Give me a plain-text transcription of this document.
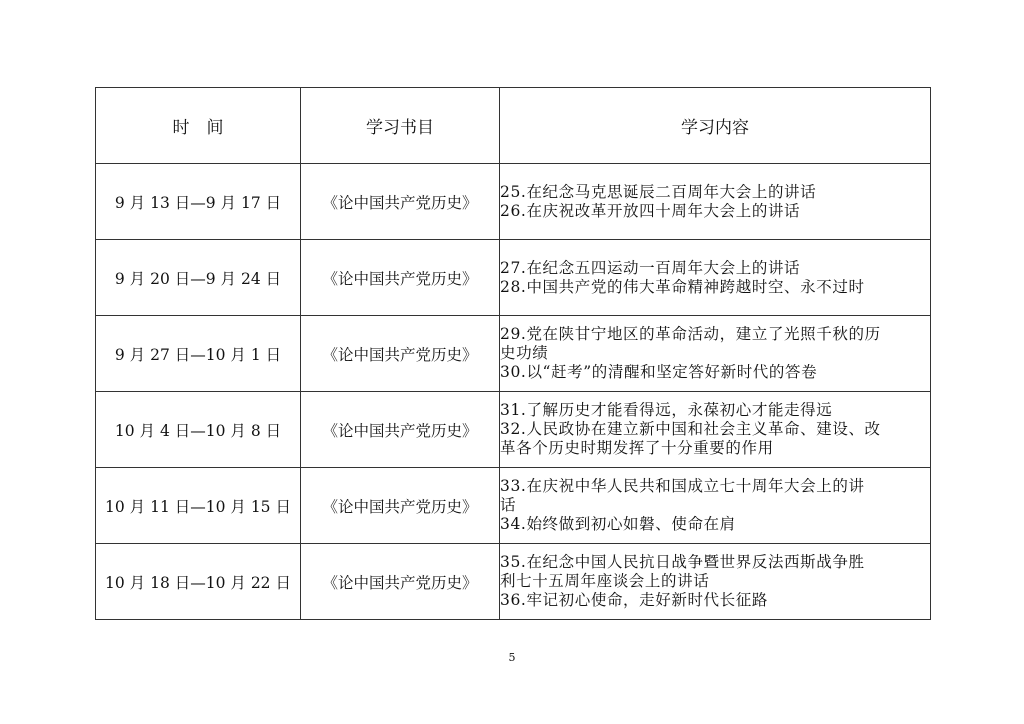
时　间	学习书目	学习内容
9 月 13 日—9 月 17 日	《论中国共产党历史》	25.在纪念马克思诞辰二百周年大会上的讲话
26.在庆祝改革开放四十周年大会上的讲话

9 月 20 日—9 月 24 日	《论中国共产党历史》	27.在纪念五四运动一百周年大会上的讲话
28.中国共产党的伟大革命精神跨越时空、永不过时

9 月 27 日—10 月 1 日	《论中国共产党历史》	29.党在陕甘宁地区的革命活动，建立了光照千秋的历
史功绩
30.以“赶考”的清醒和坚定答好新时代的答卷

10 月 4 日—10 月 8 日	《论中国共产党历史》	31.了解历史才能看得远，永葆初心才能走得远
32.人民政协在建立新中国和社会主义革命、建设、改
革各个历史时期发挥了十分重要的作用

10 月 11 日—10 月 15 日	《论中国共产党历史》	33.在庆祝中华人民共和国成立七十周年大会上的讲
话
34.始终做到初心如磐、使命在肩

10 月 18 日—10 月 22 日	《论中国共产党历史》	35.在纪念中国人民抗日战争暨世界反法西斯战争胜
利七十五周年座谈会上的讲话
36.牢记初心使命，走好新时代长征路
5
